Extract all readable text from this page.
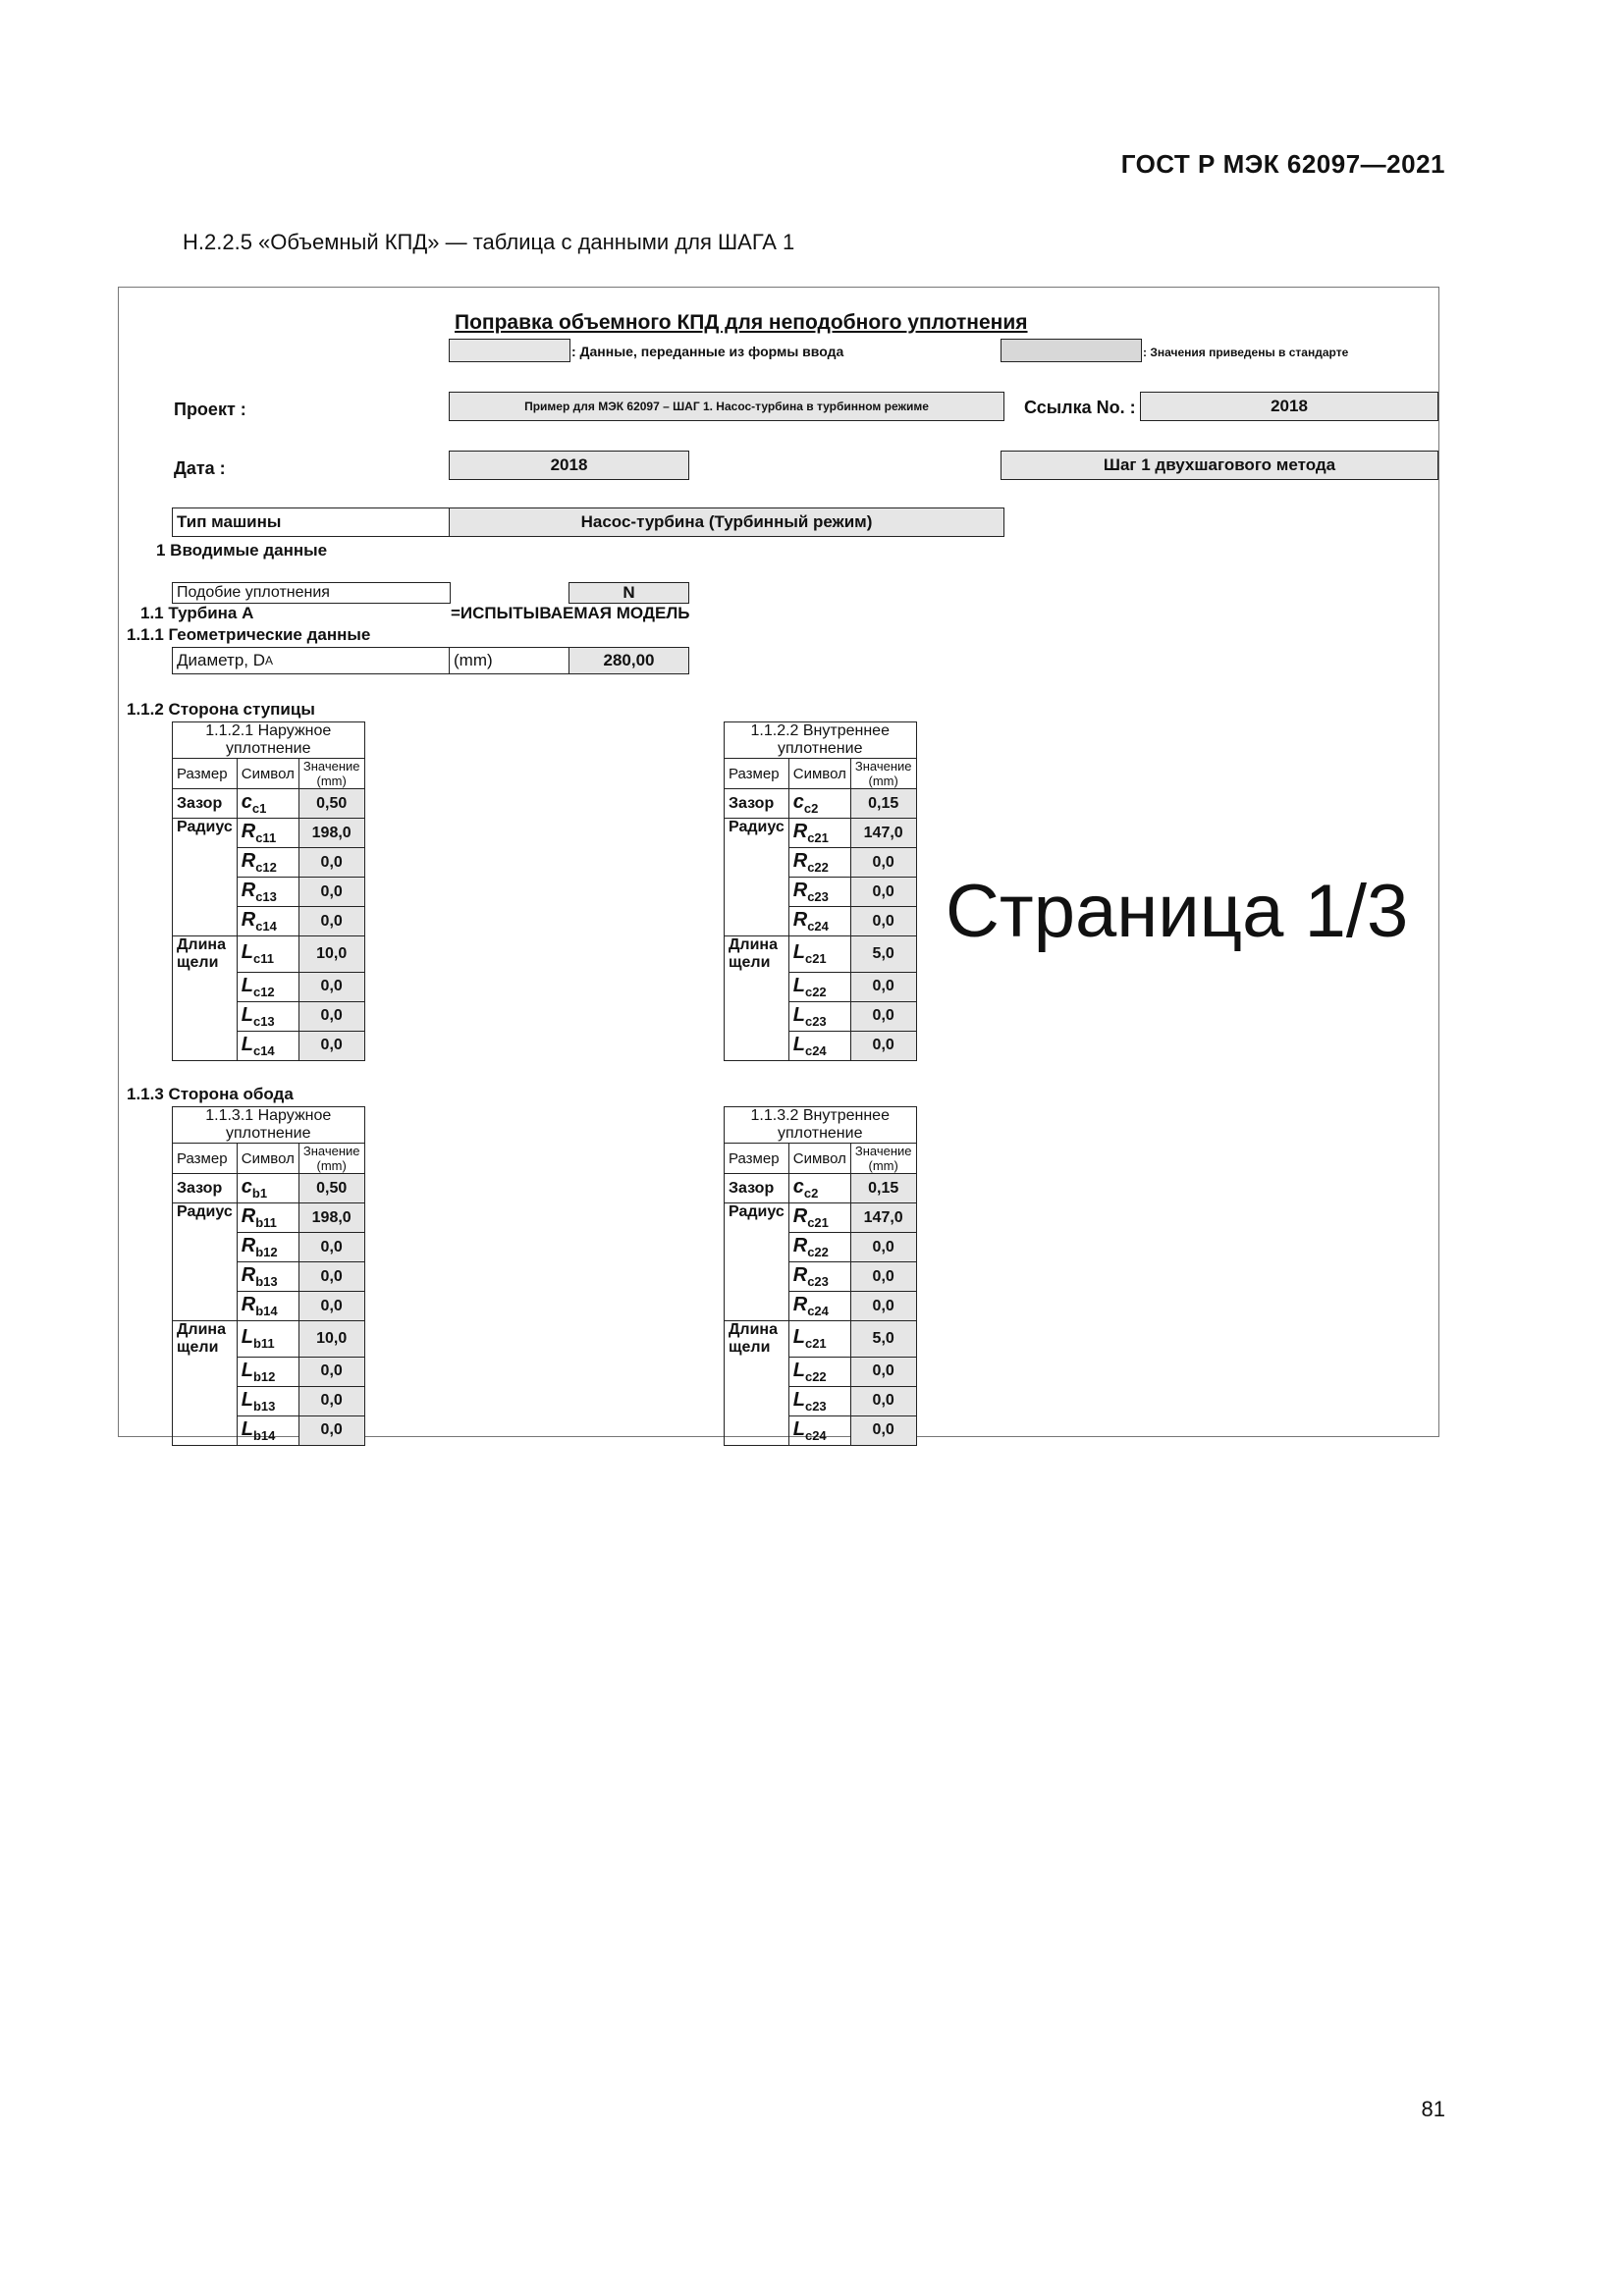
ГОСТ Р МЭК 62097—2021
Н.2.2.5 «Объемный КПД» — таблица с данными для ШАГА 1
Поправка объемного КПД для неподобного уплотнения
: Данные, переданные из формы ввода	: Значения приведены в стандарте
Проект :	Пример для МЭК 62097 – ШАГ 1. Насос-турбина в турбинном режиме	Ссылка No. :	2018
Дата :	2018	Шаг 1 двухшагового метода
Тип машины	Насос-турбина (Турбинный режим)
1 Вводимые данные
Подобие уплотнения	N
1.1 Турбина А	=ИСПЫТЫВАЕМАЯ МОДЕЛЬ
1.1.1 Геометрические данные
Диаметр, D A	(mm)	280,00
Страница 1/3
1.1.2 Сторона ступицы
1.1.2.1 Наружное уплотнение		
Размер	Символ	Значение (mm)
Зазор	$c_{c1}$	0,50
Радиус	$R_{c11}$	198,0
	$R_{c12}$	0,0
	$R_{c13}$	0,0
	$R_{c14}$	0,0
Длина щели	$L_{c11}$	10,0
	$L_{c12}$	0,0
	$L_{c13}$	0,0
	$L_{c14}$	0,0
1.1.2.2 Внутреннее уплотнение		
Размер	Символ	Значение (mm)
Зазор	$c_{c2}$	0,15
Радиус	$R_{c21}$	147,0
	$R_{c22}$	0,0
	$R_{c23}$	0,0
	$R_{c24}$	0,0
Длина щели	$L_{c21}$	5,0
	$L_{c22}$	0,0
	$L_{c23}$	0,0
	$L_{c24}$	0,0
1.1.3 Сторона обода
1.1.3.1 Наружное уплотнение		
Размер	Символ	Значение (mm)
Зазор	$c_{b1}$	0,50
Радиус	$R_{b11}$	198,0
	$R_{b12}$	0,0
	$R_{b13}$	0,0
	$R_{b14}$	0,0
Длина щели	$L_{b11}$	10,0
	$L_{b12}$	0,0
	$L_{b13}$	0,0
	$L_{b14}$	0,0
1.1.3.2 Внутреннее уплотнение		
Размер	Символ	Значение (mm)
Зазор	$c_{c2}$	0,15
Радиус	$R_{c21}$	147,0
	$R_{c22}$	0,0
	$R_{c23}$	0,0
	$R_{c24}$	0,0
Длина щели	$L_{c21}$	5,0
	$L_{c22}$	0,0
	$L_{c23}$	0,0
	$L_{c24}$	0,0
81
